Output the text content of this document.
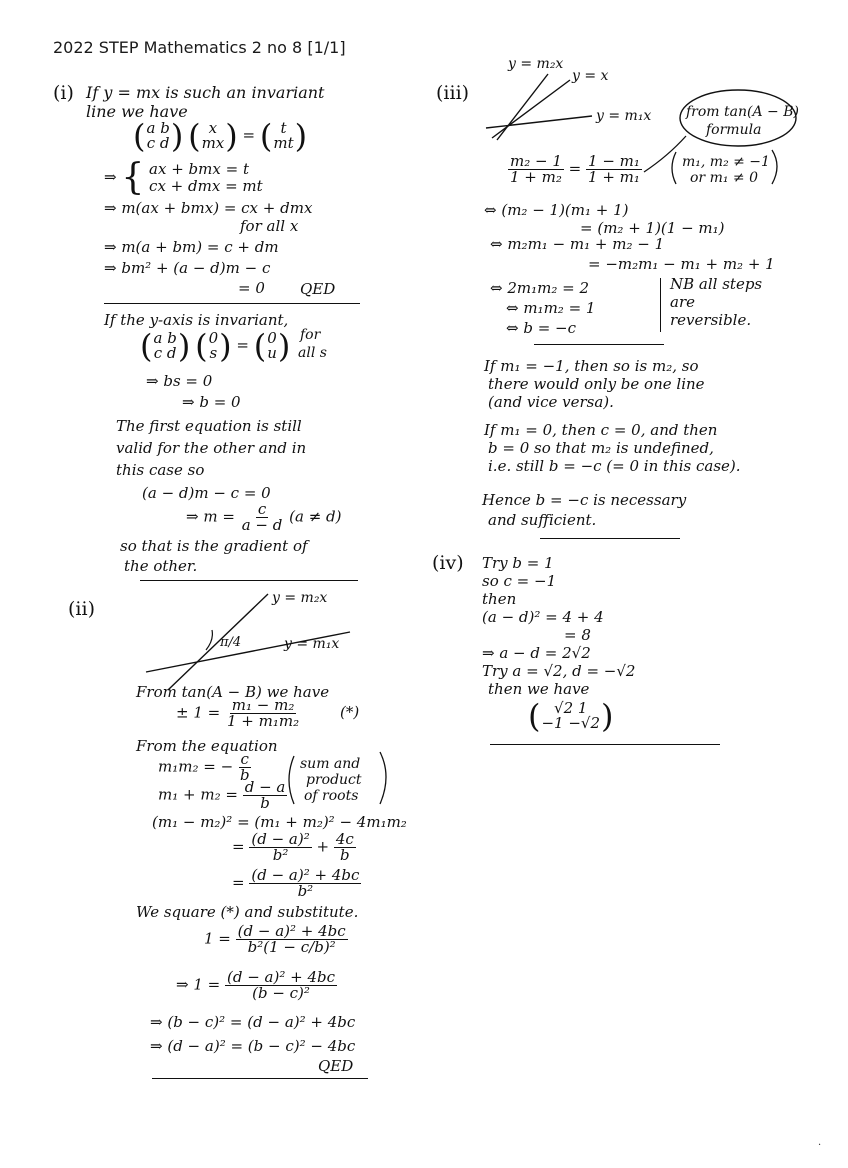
2022 STEP Mathematics 2 no 8 [1/1]
(i) If y = mx is such an invariant
line we have
( a b
c d )
( x
mx ) = ( t
mt )
⇒ { ax + bmx = t
cx + dmx = mt
⇒ m(ax + bmx) = cx + dmx
for all x
⇒ m(a + bm) = c + dm
⇒ bm² + (a − d)m − c
= 0 QED
If the y-axis is invariant,
( a b
c d )
( 0
s ) = ( 0
u ) for
all s
⇒ bs = 0
⇒ b = 0
The first equation is still
valid for the other and in
this case so
(a − d)m − c = 0
⇒ $m = \frac{c}{a - d} (a \ne d)$
so that is the gradient of
the other.
(ii)	y = m₂x
y = m₁x
π/4
From tan(A − B) we have
± $1 = \frac{\text{m₁ − m₂}}{\text{1 + m₁m₂}}$	(*)
From the equation
m₁m₂ = − $\frac{c}{b}$
$m_1 + m_2 = \frac{d - a}{b}$
sum and
product
of roots
(m₁ − m₂)² = (m₁ + m₂)² − 4m₁m₂
= $\frac{\text{(d − a)²}}{\text{b²}} + \frac{4c}{b}$
= $\frac{\text{(d − a)² + 4bc}}{\text{b²}}$
We square (*) and substitute.
$1 = \frac{\text{(d − a)² + 4bc}}{\text{b²(1 − c/b)²}}$
⇒ $1 = \frac{\text{(d − a)² + 4bc}}{\text{(b − c)²}}$
⇒ (b − c)² = (d − a)² + 4bc
⇒ (d − a)² = (b − c)² − 4bc
QED
(iii)
y = m₂x
y = x
y = m₁x from tan(A − B)
formula
$\frac{\text{m₂ − 1}}{\text{1 + m₂}} = \frac{\text{1 − m₁}}{\text{1 + m₁}}$	m₁, m₂ ≠ −1
or m₁ ≠ 0
⇔ (m₂ − 1)(m₁ + 1)
= (m₂ + 1)(1 − m₁)
⇔ m₂m₁ − m₁ + m₂ − 1
= −m₂m₁ − m₁ + m₂ + 1
⇔ 2m₁m₂ = 2
⇔ m₁m₂ = 1
⇔ b = −c
NB all steps
are
reversible.
If m₁ = −1, then so is m₂, so
there would only be one line
(and vice versa).
If m₁ = 0, then c = 0, and then
b = 0 so that m₂ is undefined,
i.e. still b = −c (= 0 in this case).
Hence b = −c is necessary
and sufficient.
(iv) Try b = 1
so c = −1
then
(a − d)² = 4 + 4
= 8
⇒ a − d = 2√2
Try a = √2, d = −√2
then we have
( √2 1
−1 −√2 )
·
